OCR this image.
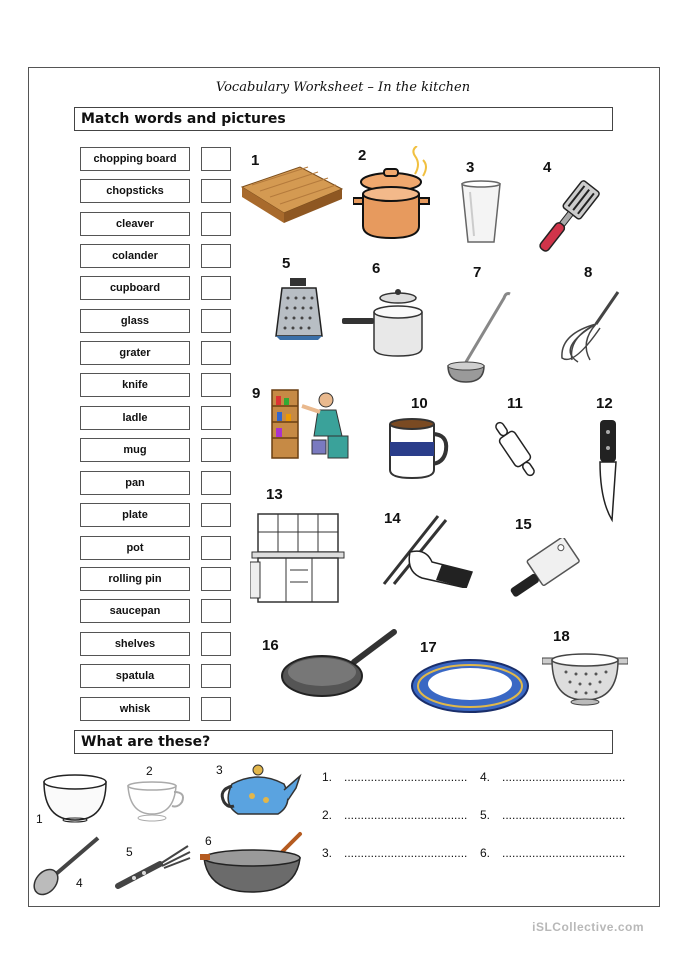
Vocabulary Worksheet – In the kitchen
Match words and pictures
chopping board
chopsticks
cleaver
colander
cupboard
glass
grater
knife
ladle
mug
pan
plate
pot
rolling pin
saucepan
shelves
spatula
whisk
1	2
3	4
5	6	7	8
9
10	11	12
13
14	15
16	17
18
What are these?
1
2	3
4
5
6
1. .....................................
2. .....................................
3. .....................................
4. .....................................
5. .....................................
6. .....................................
iSLCollective.com
